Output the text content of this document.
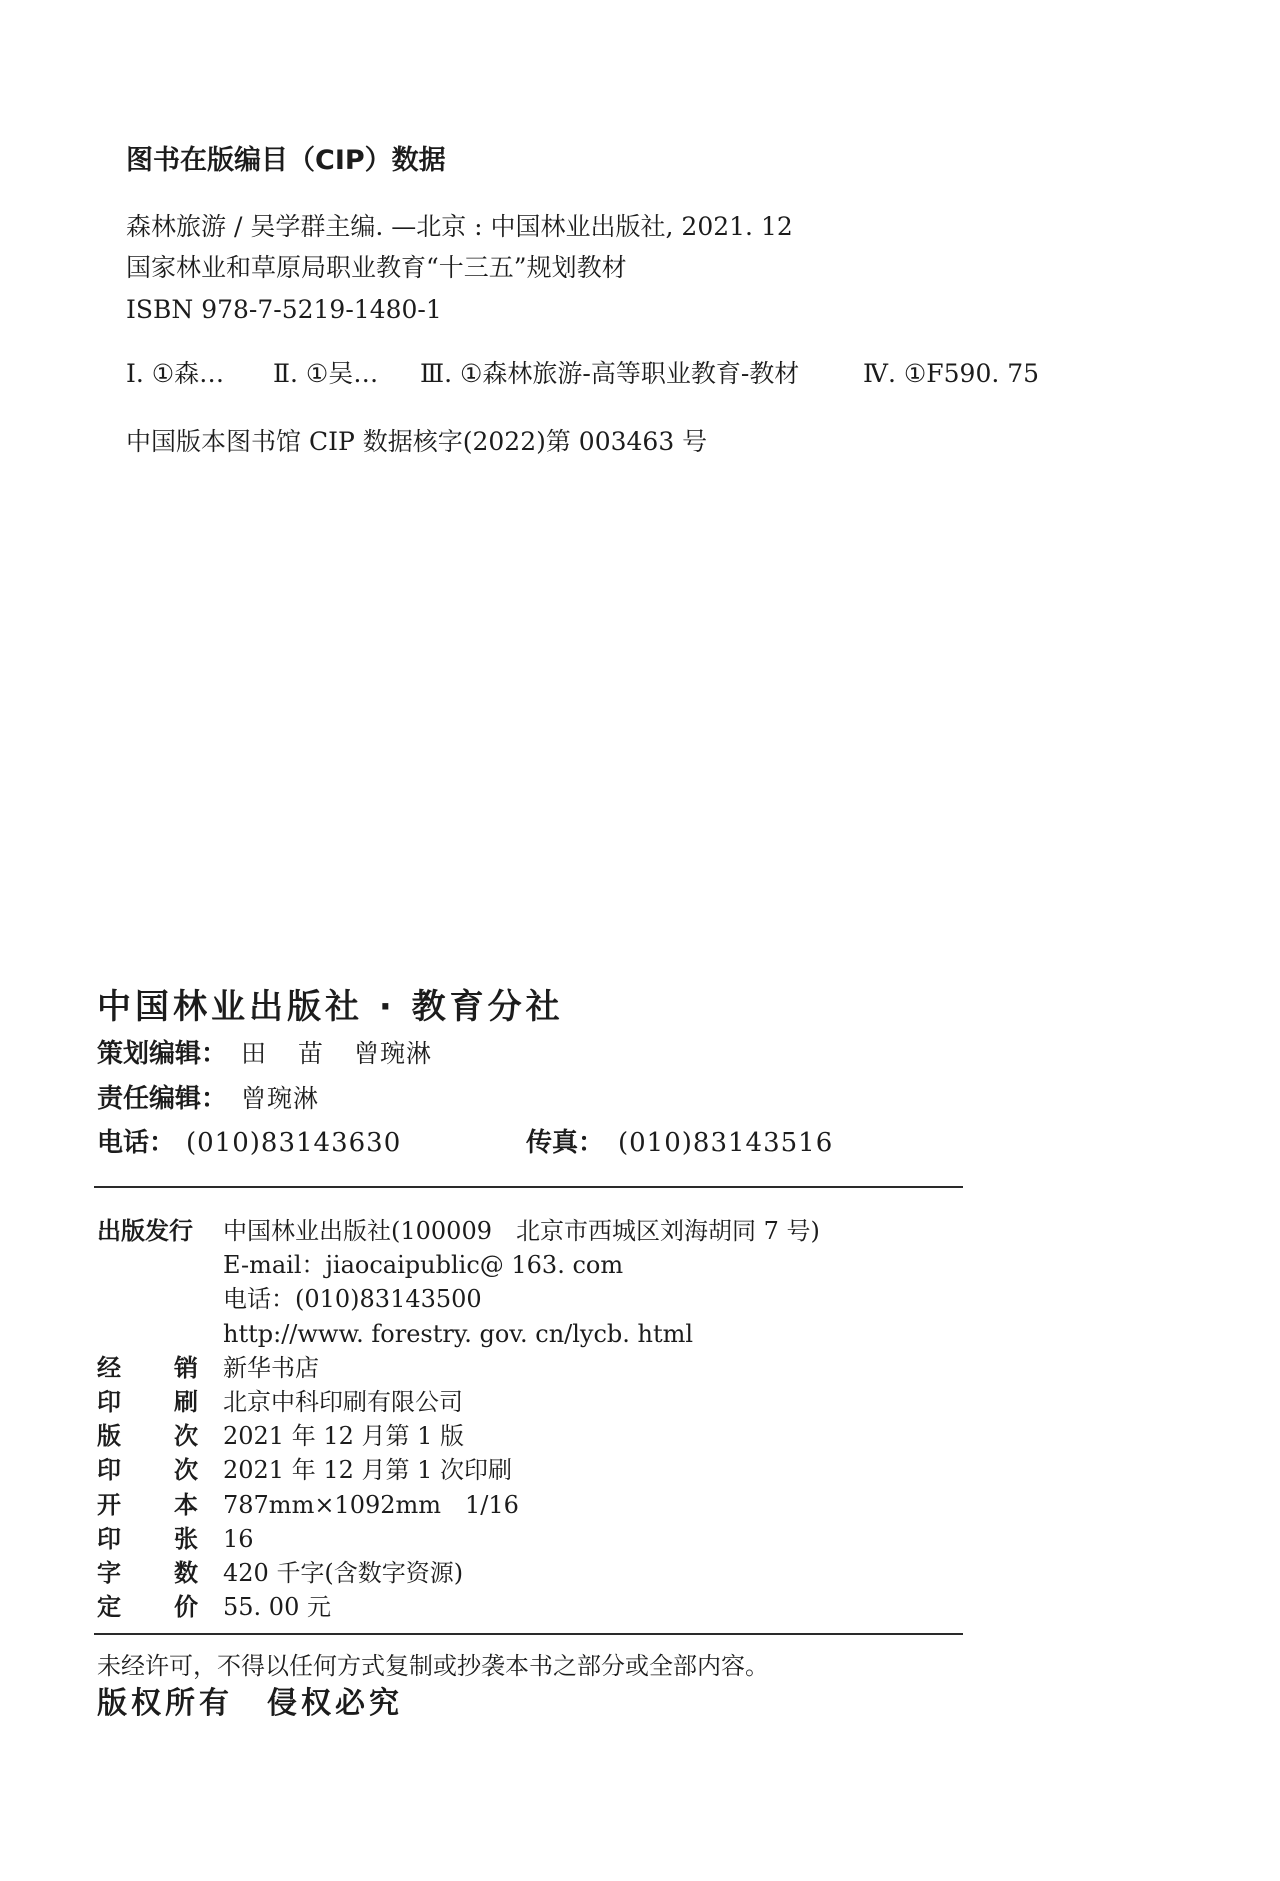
图书在版编目（CIP）数据
森林旅游 / 吴学群主编. —北京 : 中国林业出版社, 2021. 12
国家林业和草原局职业教育“十三五”规划教材
ISBN 978-7-5219-1480-1
Ⅰ. ①森… Ⅱ. ①吴… Ⅲ. ①森林旅游-高等职业教育-教材	Ⅳ. ①F590. 75
中国版本图书馆 CIP 数据核字(2022)第 003463 号
中国林业出版社 · 教育分社
策划编辑： 田 苗 曾琬淋
责任编辑： 曾琬淋
电话： (010)83143630	传真： (010)83143516
出版发行 中国林业出版社(100009　北京市西城区刘海胡同 7 号)
E-mail：jiaocaipublic@ 163. com
电话：(010)83143500
http://www. forestry. gov. cn/lycb. html
经 销 新华书店
印 刷 北京中科印刷有限公司
版 次 2021 年 12 月第 1 版
印 次 2021 年 12 月第 1 次印刷
开 本 787mm×1092mm　1/16
印 张 16
字 数 420 千字(含数字资源)
定 价 55. 00 元
未经许可，不得以任何方式复制或抄袭本书之部分或全部内容。
版权所有　侵权必究
